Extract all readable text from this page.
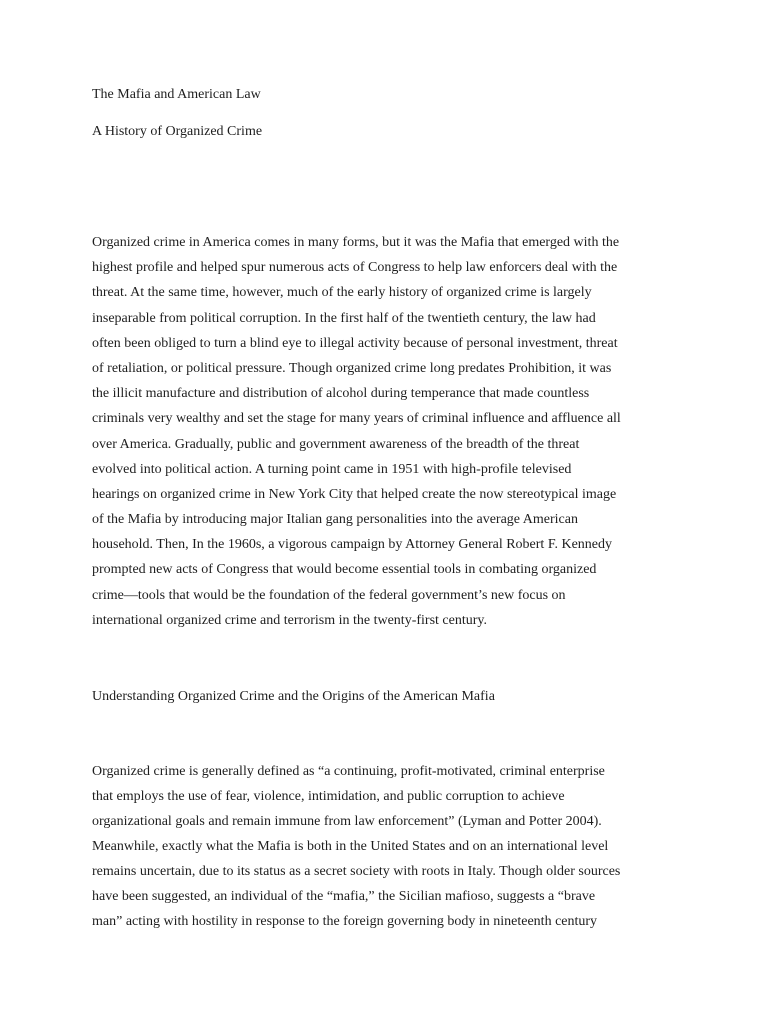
The Mafia and American Law
A History of Organized Crime
Organized crime in America comes in many forms, but it was the Mafia that emerged with the
highest profile and helped spur numerous acts of Congress to help law enforcers deal with the
threat. At the same time, however, much of the early history of organized crime is largely
inseparable from political corruption. In the first half of the twentieth century, the law had
often been obliged to turn a blind eye to illegal activity because of personal investment, threat
of retaliation, or political pressure. Though organized crime long predates Prohibition, it was
the illicit manufacture and distribution of alcohol during temperance that made countless
criminals very wealthy and set the stage for many years of criminal influence and affluence all
over America. Gradually, public and government awareness of the breadth of the threat
evolved into political action. A turning point came in 1951 with high-profile televised
hearings on organized crime in New York City that helped create the now stereotypical image
of the Mafia by introducing major Italian gang personalities into the average American
household. Then, In the 1960s, a vigorous campaign by Attorney General Robert F. Kennedy
prompted new acts of Congress that would become essential tools in combating organized
crime—tools that would be the foundation of the federal government’s new focus on
international organized crime and terrorism in the twenty-first century.
Understanding Organized Crime and the Origins of the American Mafia
Organized crime is generally defined as “a continuing, profit-motivated, criminal enterprise
that employs the use of fear, violence, intimidation, and public corruption to achieve
organizational goals and remain immune from law enforcement” (Lyman and Potter 2004).
Meanwhile, exactly what the Mafia is both in the United States and on an international level
remains uncertain, due to its status as a secret society with roots in Italy. Though older sources
have been suggested, an individual of the “mafia,” the Sicilian mafioso, suggests a “brave
man” acting with hostility in response to the foreign governing body in nineteenth century
